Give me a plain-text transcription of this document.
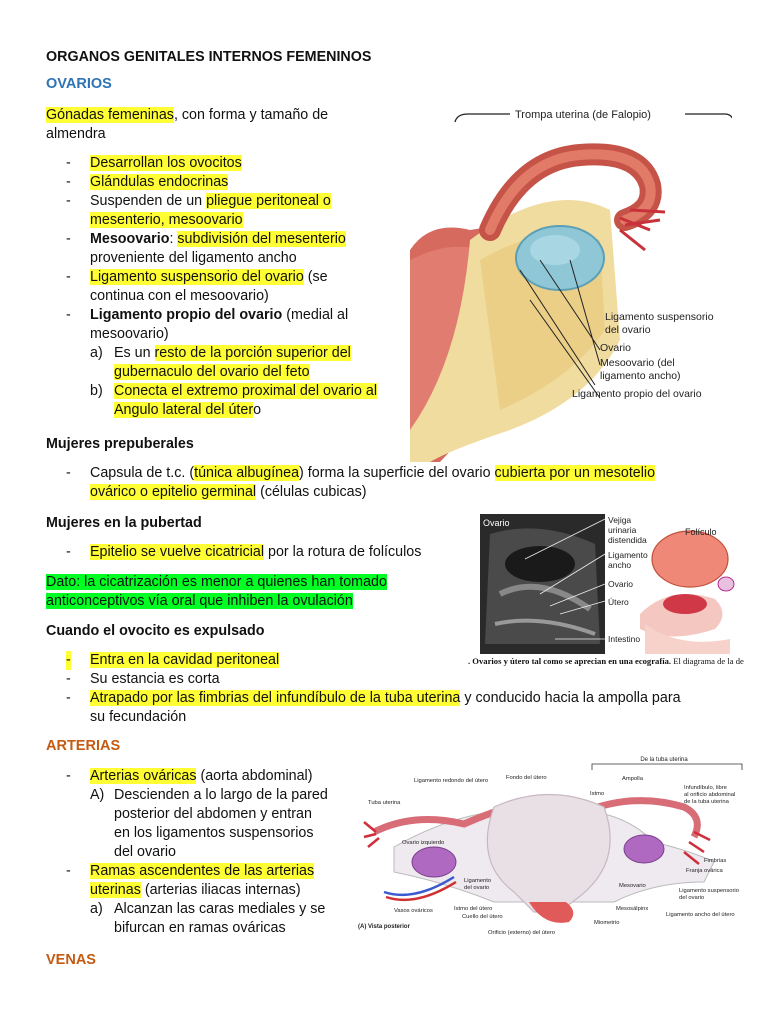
ORGANOS GENITALES INTERNOS FEMENINOS
OVARIOS
Gónadas femeninas, con forma y tamaño de
almendra
- Desarrollan los ovocitos
- Glándulas endocrinas
- Suspenden de un pliegue peritoneal o
mesenterio, mesoovario
- Mesoovario: subdivisión del mesenterio
proveniente del ligamento ancho
- Ligamento suspensorio del ovario (se
continua con el mesoovario)
- Ligamento propio del ovario (medial al
mesoovario)
a) Es un resto de la porción superior del
gubernaculo del ovario del feto
b) Conecta el extremo proximal del ovario al
Angulo lateral del útero
Trompa uterina (de Falopio)
Ligamento suspensorio
del ovario
Ovario
Mesoovario (del
ligamento ancho)
Ligamento propio del ovario
Mujeres prepuberales
- Capsula de t.c. (túnica albugínea) forma la superficie del ovario cubierta por un mesotelio
ovárico o epitelio germinal (células cubicas)
Mujeres en la pubertad
- Epitelio se vuelve cicatricial por la rotura de folículos
Dato: la cicatrización es menor a quienes han tomado
anticonceptivos vía oral que inhiben la ovulación
Ovario	Vejiga
urinaria
distendida
Ligamento
ancho
Ovario
Útero
Intestino
Folículo
. Ovarios y útero tal como se aprecian en una ecografía. El diagrama de la de
Cuando el ovocito es expulsado
- Entra en la cavidad peritoneal
- Su estancia es corta
- Atrapado por las fimbrias del infundíbulo de la tuba uterina y conducido hacia la ampolla para
su fecundación
ARTERIAS
- Arterias ováricas (aorta abdominal)
A) Descienden a lo largo de la pared
posterior del abdomen y entran
en los ligamentos suspensorios
del ovario
- Ramas ascendentes de las arterias
uterinas (arterias iliacas internas)
a) Alcanzan las caras mediales y se
bifurcan en ramas ováricas
De la tuba uterina
Ligamento redondo del útero	Fondo del útero	Ampolla
Istmo
Infundíbulo, libre
al orificio abdominal
de la tuba uterina
Tuba uterina
Ovario izquierdo
Fimbrias
Franja ovárica
Ligamento
del ovario	Mesovario
Ligamento suspensorio
del ovario
Vasos ováricos	Istmo del útero	Mesosálpinx
Ligamento ancho del útero
Cuello del útero
Miometrio
(A) Vista posterior
Orificio (externo) del útero
VENAS
